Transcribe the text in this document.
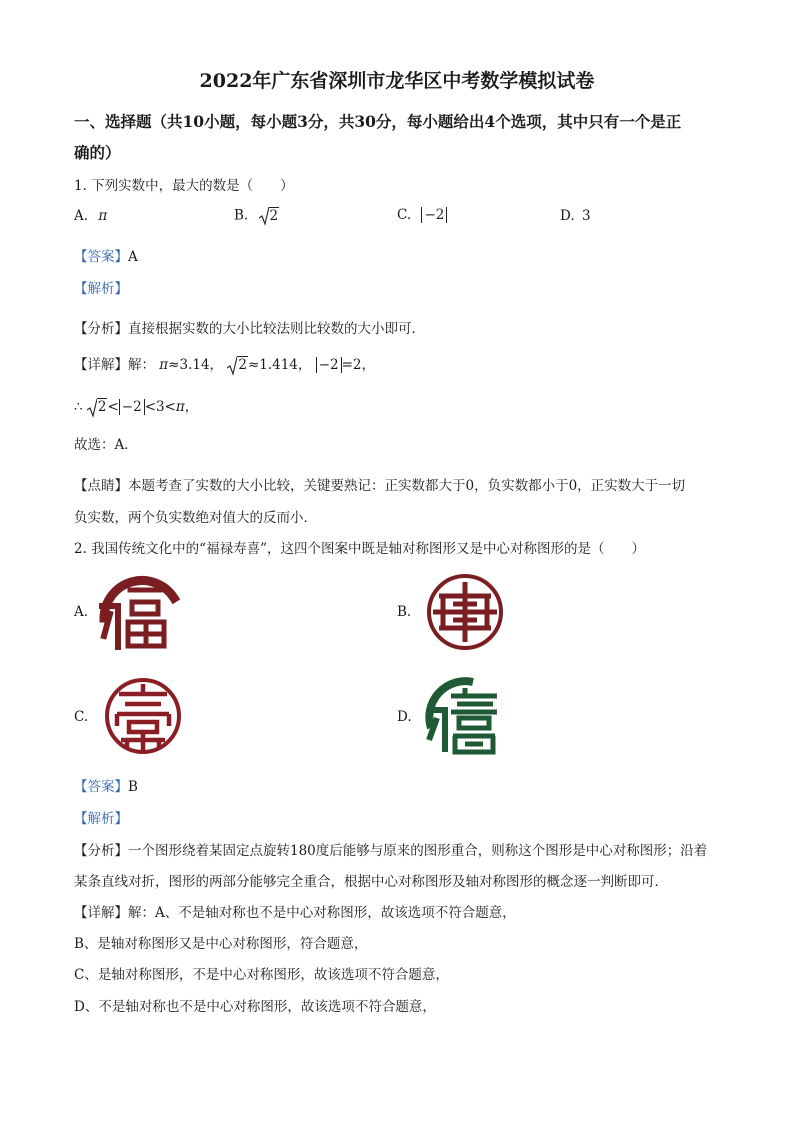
2022年广东省深圳市龙华区中考数学模拟试卷
一、选择题（共10小题，每小题3分，共30分，每小题给出4个选项，其中只有一个是正
确的）
1. 下列实数中，最大的数是（　　）
A. π	B. 2	C. −2	D. 3
【答案】A
【解析】
【分析】直接根据实数的大小比较法则比较数的大小即可．
【详解】解： π≈3.14， 2≈1.414， −2 =2，
∴ 2< −2 <3<π，
故选：A．
【点睛】本题考查了实数的大小比较，关键要熟记：正实数都大于0，负实数都小于0，正实数大于一切
负实数，两个负实数绝对值大的反而小．
2. 我国传统文化中的“福禄寿喜”，这四个图案中既是轴对称图形又是中心对称图形的是（　　）
A.	B.
C.	D.
【答案】B
【解析】
【分析】一个图形绕着某固定点旋转180度后能够与原来的图形重合，则称这个图形是中心对称图形；沿着
某条直线对折，图形的两部分能够完全重合，根据中心对称图形及轴对称图形的概念逐一判断即可．
【详解】解：A、不是轴对称也不是中心对称图形，故该选项不符合题意，
B、是轴对称图形又是中心对称图形，符合题意，
C、是轴对称图形，不是中心对称图形，故该选项不符合题意，
D、不是轴对称也不是中心对称图形，故该选项不符合题意，
